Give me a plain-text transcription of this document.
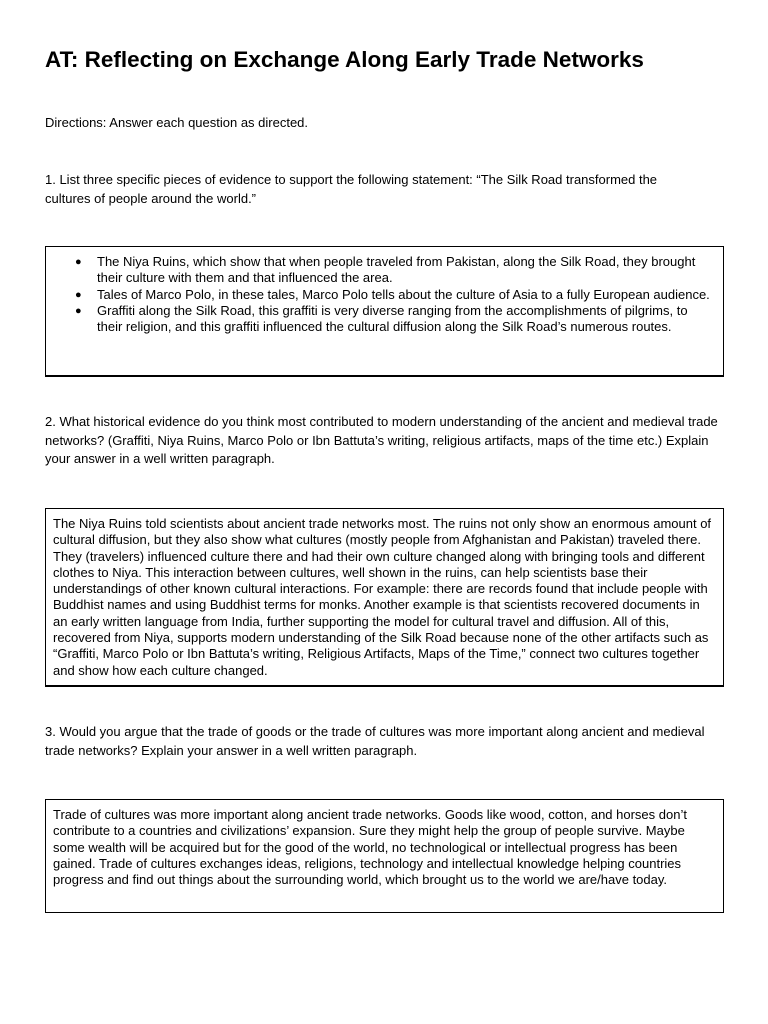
AT: Reflecting on Exchange Along Early Trade Networks
Directions: Answer each question as directed.
1. List three specific pieces of evidence to support the following statement: “The Silk Road transformed the cultures of people around the world.”
● The Niya Ruins, which show that when people traveled from Pakistan, along the Silk Road, they brought their culture with them and that influenced the area.
● Tales of Marco Polo, in these tales, Marco Polo tells about the culture of Asia to a fully European audience.
● Graffiti along the Silk Road, this graffiti is very diverse ranging from the accomplishments of pilgrims, to their religion, and this graffiti influenced the cultural diffusion along the Silk Road’s numerous routes.
2. What historical evidence do you think most contributed to modern understanding of the ancient and medieval trade networks? (Graffiti, Niya Ruins, Marco Polo or Ibn Battuta’s writing, religious artifacts, maps of the time etc.) Explain your answer in a well written paragraph.

The Niya Ruins told scientists about ancient trade networks most. The ruins not only show an enormous amount of cultural diffusion, but they also show what cultures (mostly people from Afghanistan and Pakistan) traveled there. They (travelers) influenced culture there and had their own culture changed along with bringing tools and different clothes to Niya. This interaction between cultures, well shown in the ruins, can help scientists base their understandings of other known cultural interactions. For example: there are records found that include people with Buddhist names and using Buddhist terms for monks. Another example is that scientists recovered documents in an early written language from India, further supporting the model for cultural travel and diffusion. All of this, recovered from Niya, supports modern understanding of the Silk Road because none of the other artifacts such as “Graffiti, Marco Polo or Ibn Battuta’s writing, Religious Artifacts, Maps of the Time,” connect two cultures together and show how each culture changed.

3. Would you argue that the trade of goods or the trade of cultures was more important along ancient and medieval trade networks? Explain your answer in a well written paragraph.

Trade of cultures was more important along ancient trade networks. Goods like wood, cotton, and horses don’t contribute to a countries and civilizations’ expansion. Sure they might help the group of people survive. Maybe some wealth will be acquired but for the good of the world, no technological or intellectual progress has been gained. Trade of cultures exchanges ideas, religions, technology and intellectual knowledge helping countries progress and find out things about the surrounding world, which brought us to the world we are/have today.
